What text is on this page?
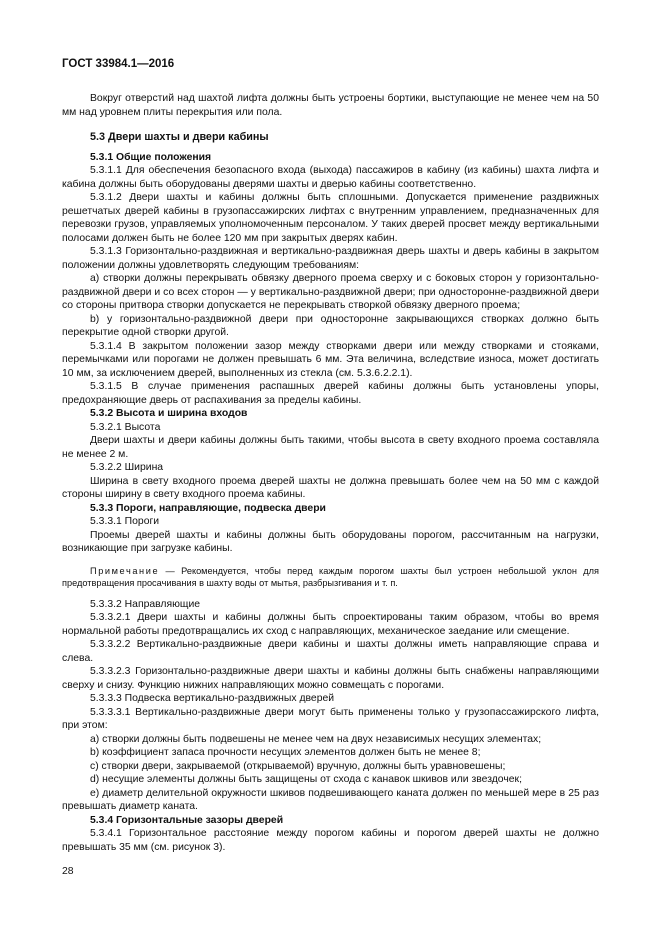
ГОСТ 33984.1—2016

Вокруг отверстий над шахтой лифта должны быть устроены бортики, выступающие не менее чем на 50 мм над уровнем плиты перекрытия или пола.

5.3 Двери шахты и двери кабины

5.3.1 Общие положения

5.3.1.1 Для обеспечения безопасного входа (выхода) пассажиров в кабину (из кабины) шахта лифта и кабина должны быть оборудованы дверями шахты и дверью кабины соответственно.

5.3.1.2 Двери шахты и кабины должны быть сплошными. Допускается применение раздвижных решетчатых дверей кабины в грузопассажирских лифтах с внутренним управлением, предназначенных для перевозки грузов, управляемых уполномоченным персоналом. У таких дверей просвет между вертикальными полосами должен быть не более 120 мм при закрытых дверях кабин.

5.3.1.3 Горизонтально-раздвижная и вертикально-раздвижная дверь шахты и дверь кабины в закрытом положении должны удовлетворять следующим требованиям:

а) створки должны перекрывать обвязку дверного проема сверху и с боковых сторон у горизонтально-раздвижной двери и со всех сторон — у вертикально-раздвижной двери; при односторонне-раздвижной двери со стороны притвора створки допускается не перекрывать створкой обвязку дверного проема;

b) у горизонтально-раздвижной двери при односторонне закрывающихся створках должно быть перекрытие одной створки другой.

5.3.1.4 В закрытом положении зазор между створками двери или между створками и стояками, перемычками или порогами не должен превышать 6 мм. Эта величина, вследствие износа, может достигать 10 мм, за исключением дверей, выполненных из стекла (см. 5.3.6.2.2.1).

5.3.1.5 В случае применения распашных дверей кабины должны быть установлены упоры, предохраняющие дверь от распахивания за пределы кабины.

5.3.2 Высота и ширина входов

5.3.2.1 Высота

Двери шахты и двери кабины должны быть такими, чтобы высота в свету входного проема составляла не менее 2 м.

5.3.2.2 Ширина

Ширина в свету входного проема дверей шахты не должна превышать более чем на 50 мм с каждой стороны ширину в свету входного проема кабины.

5.3.3 Пороги, направляющие, подвеска двери

5.3.3.1 Пороги

Проемы дверей шахты и кабины должны быть оборудованы порогом, рассчитанным на нагрузки, возникающие при загрузке кабины.

Примечание — Рекомендуется, чтобы перед каждым порогом шахты был устроен небольшой уклон для предотвращения просачивания в шахту воды от мытья, разбрызгивания и т. п.

5.3.3.2 Направляющие

5.3.3.2.1 Двери шахты и кабины должны быть спроектированы таким образом, чтобы во время нормальной работы предотвращались их сход с направляющих, механическое заедание или смещение.

5.3.3.2.2 Вертикально-раздвижные двери кабины и шахты должны иметь направляющие справа и слева.

5.3.3.2.3 Горизонтально-раздвижные двери шахты и кабины должны быть снабжены направляющими сверху и снизу. Функцию нижних направляющих можно совмещать с порогами.

5.3.3.3 Подвеска вертикально-раздвижных дверей

5.3.3.3.1 Вертикально-раздвижные двери могут быть применены только у грузопассажирского лифта, при этом:

а) створки должны быть подвешены не менее чем на двух независимых несущих элементах;

b) коэффициент запаса прочности несущих элементов должен быть не менее 8;

с) створки двери, закрываемой (открываемой) вручную, должны быть уравновешены;

d) несущие элементы должны быть защищены от схода с канавок шкивов или звездочек;

е) диаметр делительной окружности шкивов подвешивающего каната должен по меньшей мере в 25 раз превышать диаметр каната.

5.3.4 Горизонтальные зазоры дверей

5.3.4.1 Горизонтальное расстояние между порогом кабины и порогом дверей шахты не должно превышать 35 мм (см. рисунок 3).

28
